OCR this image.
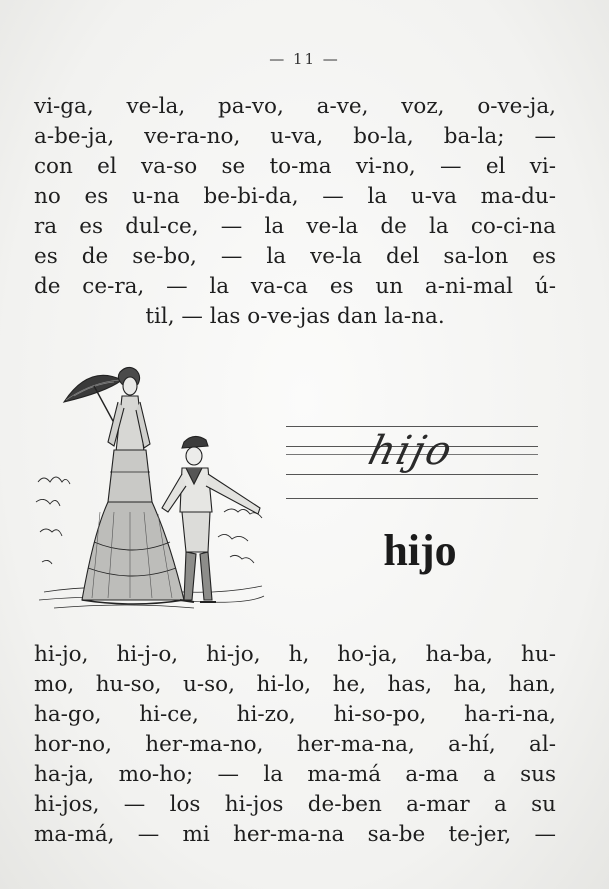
— 11 —
vi-ga, ve-la, pa-vo, a-ve, voz, o-ve-ja,
a-be-ja, ve-ra-no, u-va, bo-la, ba-la; —
con el va-so se to-ma vi-no, — el vi-
no es u-na be-bi-da, — la u-va ma-du-
ra es dul-ce, — la ve-la de la co-ci-na
es de se-bo, — la ve-la del sa-lon es
de ce-ra, — la va-ca es un a-ni-mal ú-
til, — las o-ve-jas dan la-na.
hijo
hijo
hi-jo, hi-j-o, hi-jo, h, ho-ja, ha-ba, hu-
mo, hu-so, u-so, hi-lo, he, has, ha, han,
ha-go, hi-ce, hi-zo, hi-so-po, ha-ri-na,
hor-no, her-ma-no, her-ma-na, a-hí, al-
ha-ja, mo-ho; — la ma-má a-ma a sus
hi-jos, — los hi-jos de-ben a-mar a su
ma-má, — mi her-ma-na sa-be te-jer, —
